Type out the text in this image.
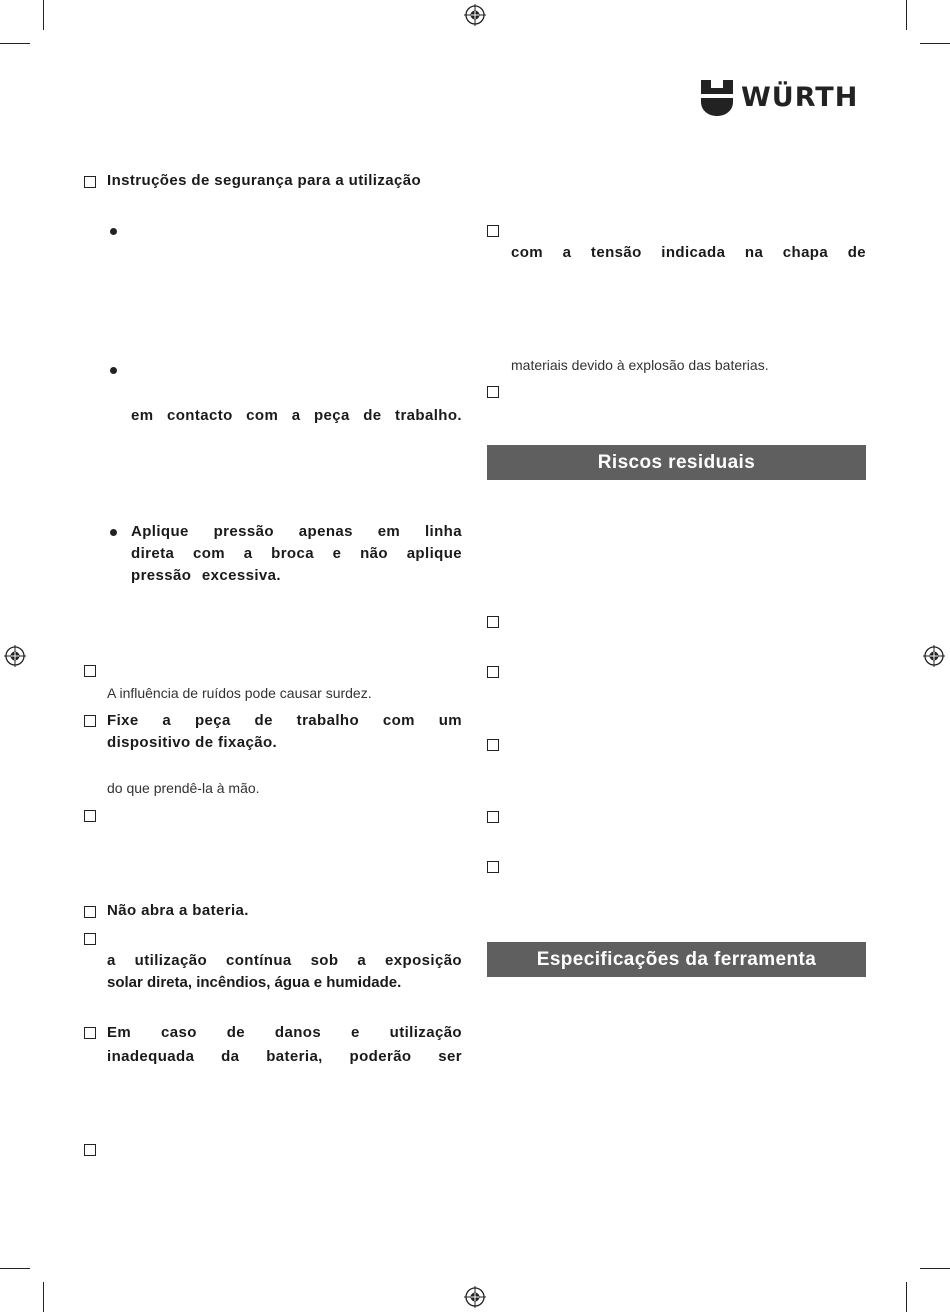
WÜRTH
Instruções de segurança para a utilização
em contacto com a peça de trabalho.
Aplique pressão apenas em linha
direta com a broca e não aplique
pressão excessiva.
A influência de ruídos pode causar surdez.
Fixe a peça de trabalho com um
dispositivo de fixação.
do que prendê-la à mão.
Não abra a bateria.
a utilização contínua sob a exposição
solar direta, incêndios, água e humidade.
Em caso de danos e utilização
inadequada da bateria, poderão ser
com a tensão indicada na chapa de
materiais devido à explosão das baterias.
Riscos residuais
Especificações da ferramenta
